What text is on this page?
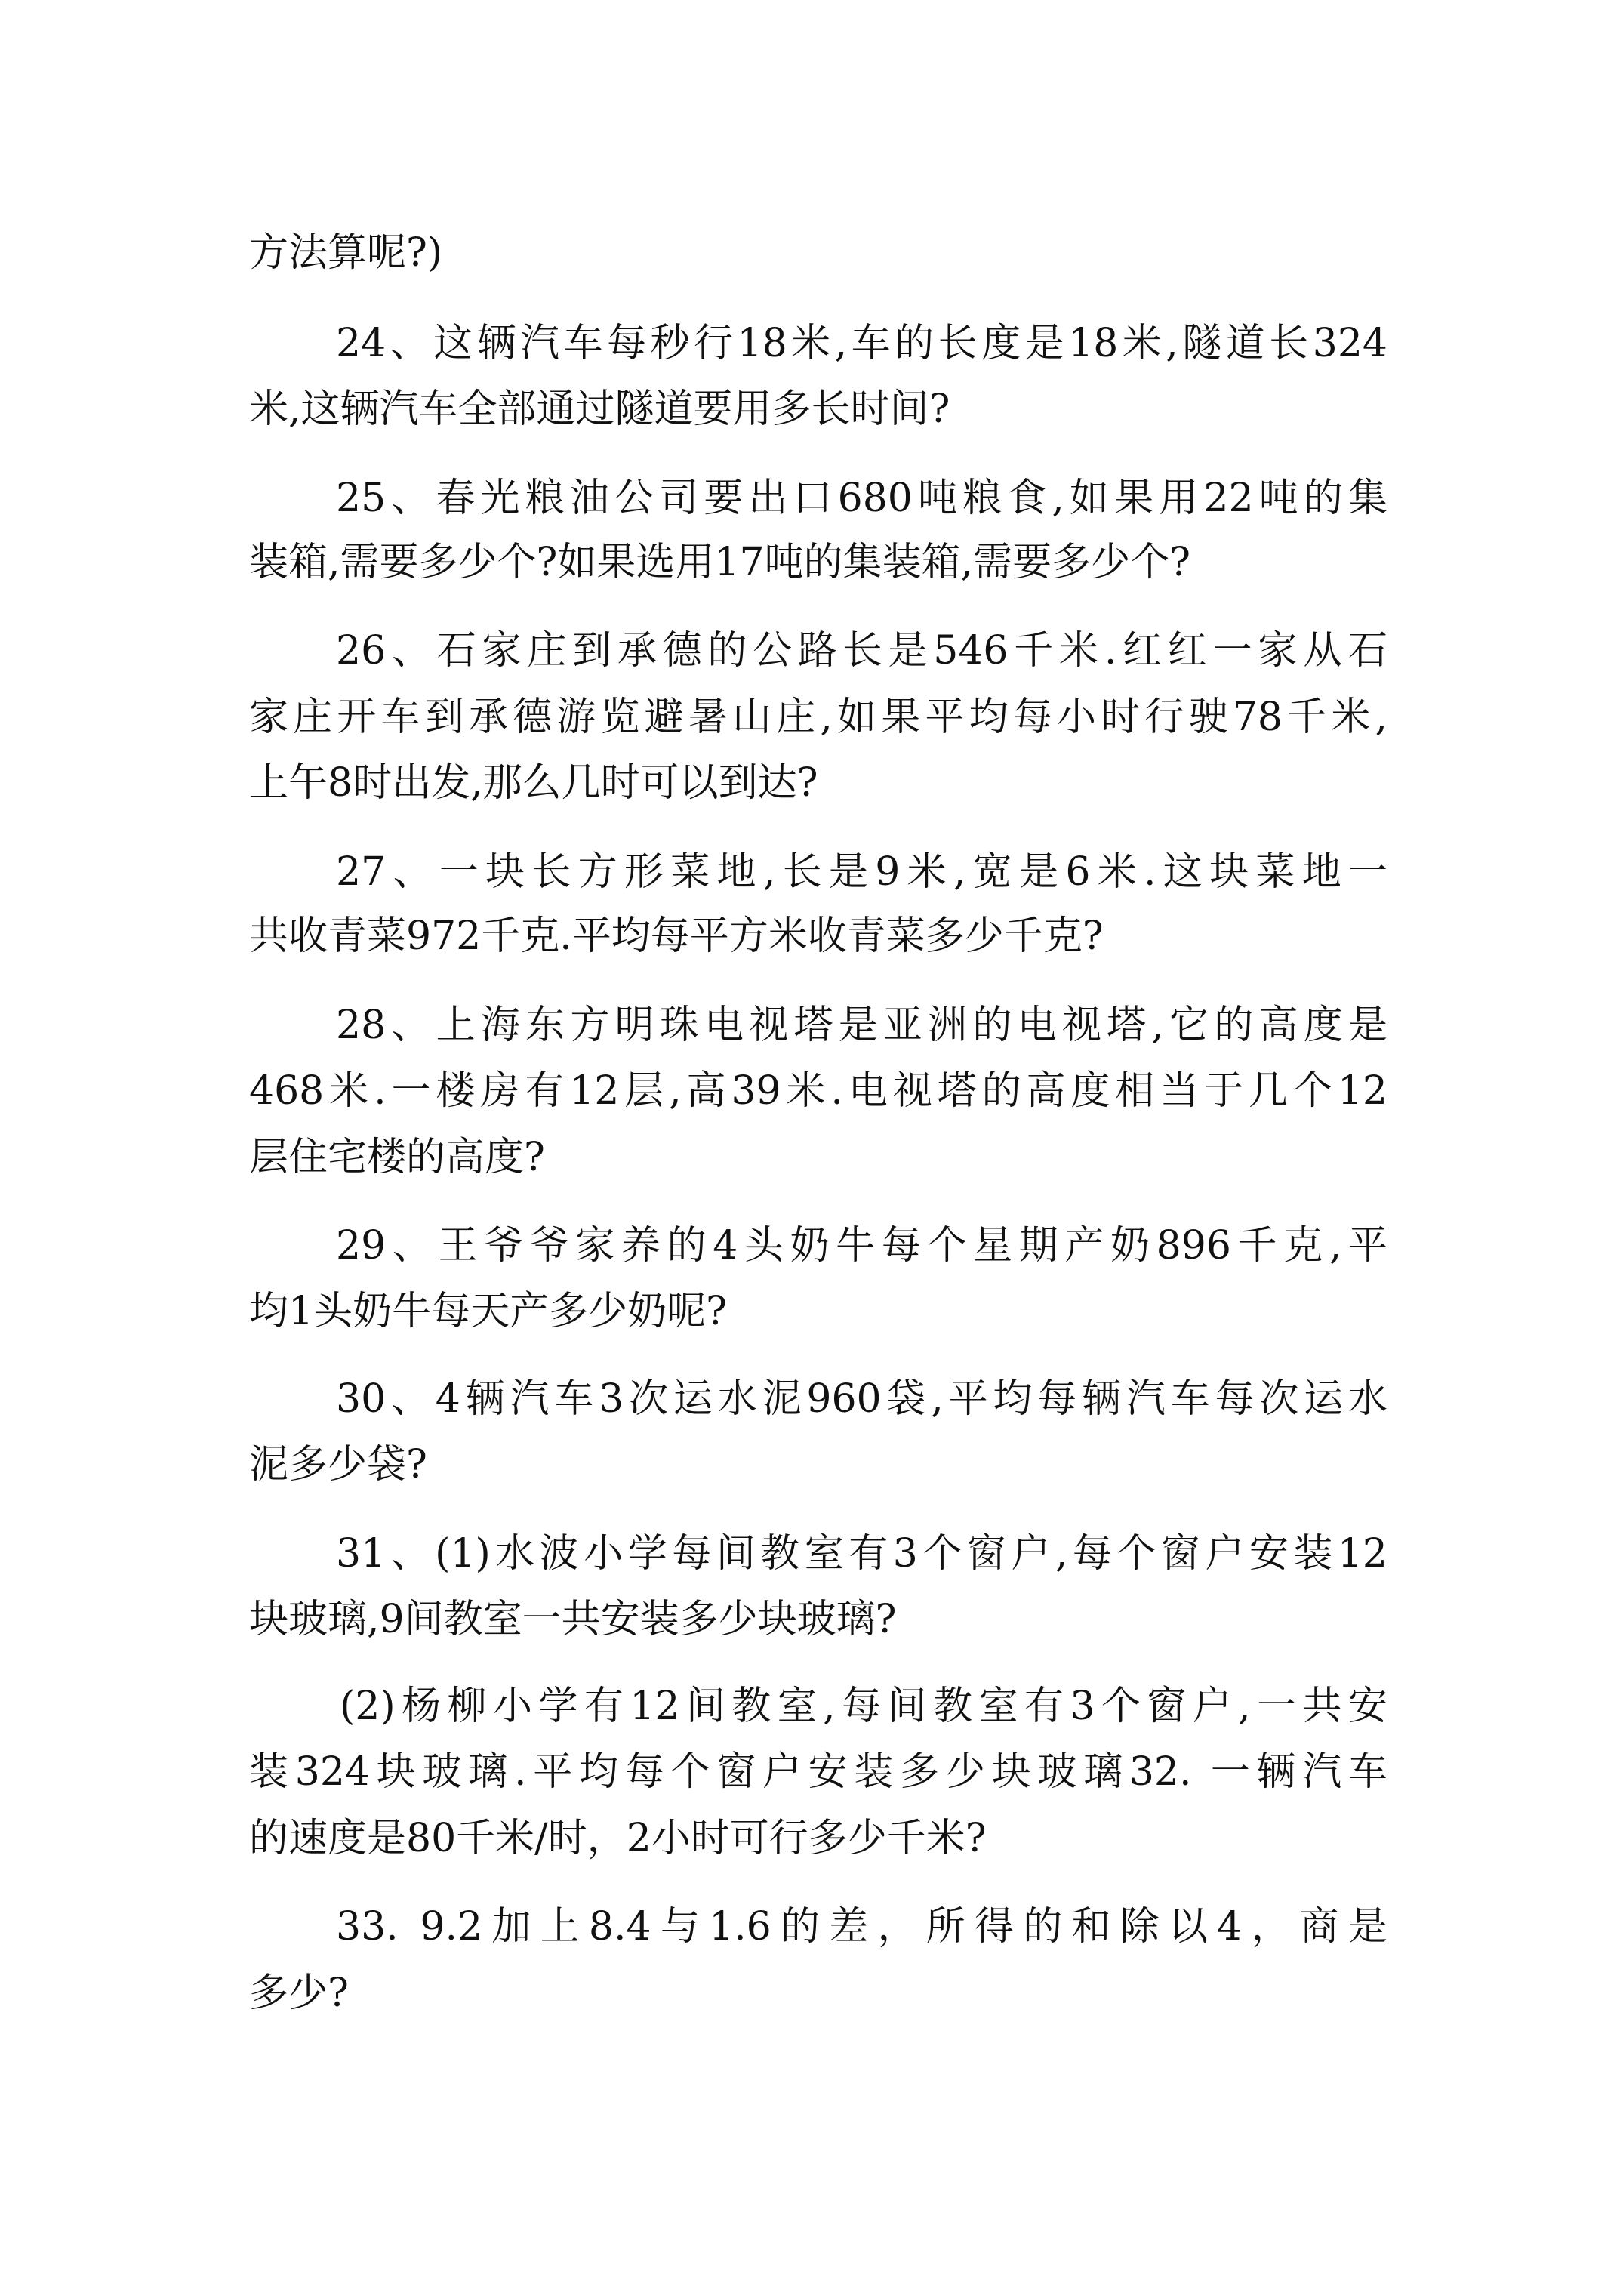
方法算呢?)
24、这辆汽车每秒行18米,车的长度是18米,隧道长324
米,这辆汽车全部通过隧道要用多长时间?
25、春光粮油公司要出口680吨粮食,如果用22吨的集
装箱,需要多少个?如果选用17吨的集装箱,需要多少个?
26、石家庄到承德的公路长是546千米.红红一家从石
家庄开车到承德游览避暑山庄,如果平均每小时行驶78千米,
上午8时出发,那么几时可以到达?
27、一块长方形菜地,长是9米,宽是6米.这块菜地一
共收青菜972千克.平均每平方米收青菜多少千克?
28、上海东方明珠电视塔是亚洲的电视塔,它的高度是
468米.一楼房有12层,高39米.电视塔的高度相当于几个12
层住宅楼的高度?
29、王爷爷家养的4头奶牛每个星期产奶896千克,平
均1头奶牛每天产多少奶呢?
30、4辆汽车3次运水泥960袋,平均每辆汽车每次运水
泥多少袋?
31、(1)水波小学每间教室有3个窗户,每个窗户安装12
块玻璃,9间教室一共安装多少块玻璃?
(2)杨柳小学有12间教室,每间教室有3个窗户,一共安
装324块玻璃.平均每个窗户安装多少块玻璃32. 一辆汽车
的速度是80千米/时，2小时可行多少千米?
33. 9.2加上8.4与1.6的差，所得的和除以4，商是
多少?
